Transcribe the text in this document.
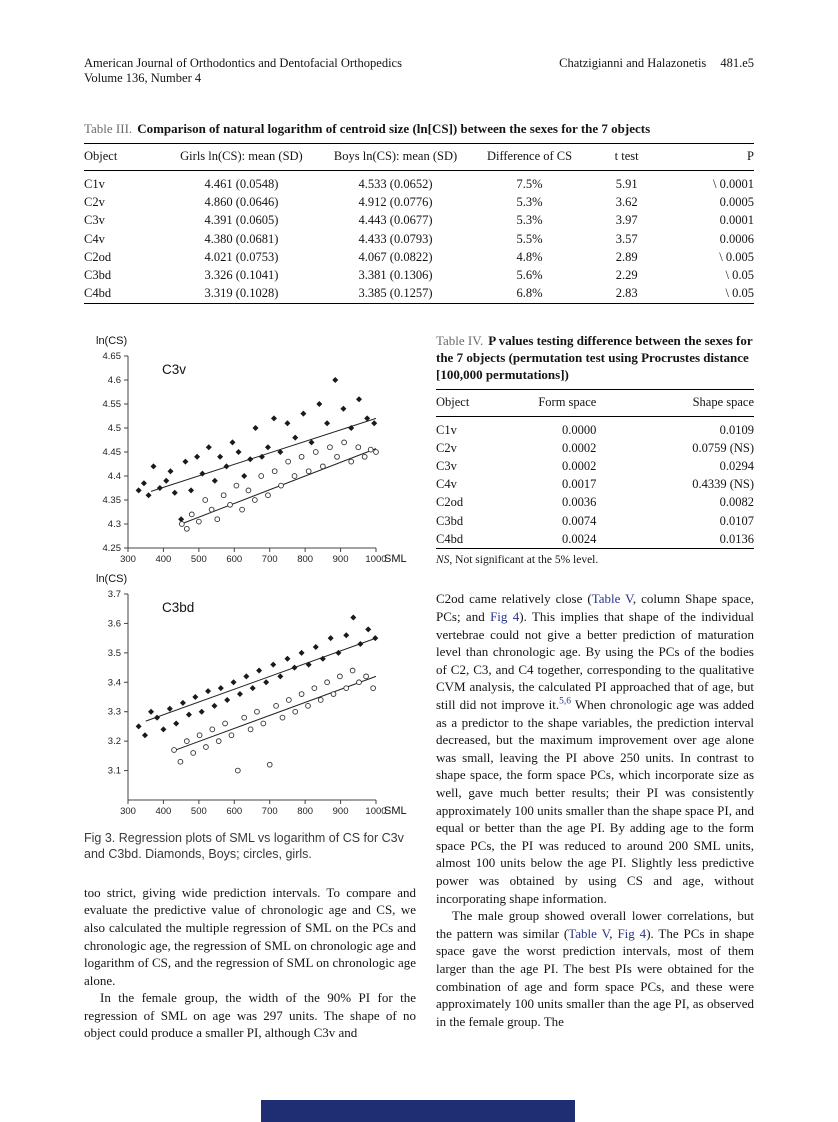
American Journal of Orthodontics and Dentofacial Orthopedics
Volume 136, Number 4
Chatzigianni and Halazonetis 481.e5
Table III. Comparison of natural logarithm of centroid size (ln[CS]) between the sexes for the 7 objects
Object	Girls ln(CS): mean (SD)	Boys ln(CS): mean (SD)	Difference of CS	t test	P
C1v	4.461 (0.0548)	4.533 (0.0652)	7.5%	5.91	\ 0.0001
C2v	4.860 (0.0646)	4.912 (0.0776)	5.3%	3.62	0.0005
C3v	4.391 (0.0605)	4.443 (0.0677)	5.3%	3.97	0.0001
C4v	4.380 (0.0681)	4.433 (0.0793)	5.5%	3.57	0.0006
C2od	4.021 (0.0753)	4.067 (0.0822)	4.8%	2.89	\ 0.005
C3bd	3.326 (0.1041)	3.381 (0.1306)	5.6%	2.29	\ 0.05
C4bd	3.319 (0.1028)	3.385 (0.1257)	6.8%	2.83	\ 0.05
4.25
4.3
4.35
4.4
4.45
4.5
4.55
4.6
4.65
300 400 500 600 700 800 900 1000
ln(CS)
SML
C3v
3.1
3.2
3.3
3.4
3.5
3.6
3.7
300 400 500 600 700 800 900 1000
ln(CS)
SML
C3bd
Fig 3. Regression plots of SML vs logarithm of CS for C3v and C3bd. Diamonds, Boys; circles, girls.

too strict, giving wide prediction intervals. To compare and evaluate the predictive value of chronologic age and CS, we also calculated the multiple regression of SML on the PCs and chronologic age, the regression of SML on chronologic age and logarithm of CS, and the regression of SML on chronologic age alone.

In the female group, the width of the 90% PI for the regression of SML on age was 297 units. The shape of no object could produce a smaller PI, although C3v and

Table IV. P values testing difference between the sexes for the 7 objects (permutation test using Procrustes distance [100,000 permutations])
Object	Form space	Shape space
C1v	0.0000	0.0109
C2v	0.0002	0.0759 (NS)
C3v	0.0002	0.0294
C4v	0.0017	0.4339 (NS)
C2od	0.0036	0.0082
C3bd	0.0074	0.0107
C4bd	0.0024	0.0136
NS, Not significant at the 5% level.

C2od came relatively close (Table V, column Shape space, PCs; and Fig 4). This implies that shape of the individual vertebrae could not give a better prediction of maturation level than chronologic age. By using the PCs of the bodies of C2, C3, and C4 together, corresponding to the qualitative CVM analysis, the calculated PI approached that of age, but still did not improve it.$^{5,6}$ When chronologic age was added as a predictor to the shape variables, the prediction interval decreased, but the maximum improvement over age alone was small, leaving the PI above 250 units. In contrast to shape space, the form space PCs, which incorporate size as well, gave much better results; their PI was consistently approximately 100 units smaller than the shape space PI, and equal or better than the age PI. By adding age to the form space PCs, the PI was reduced to around 200 SML units, almost 100 units below the age PI. Slightly less predictive power was obtained by using CS and age, without incorporating shape information.

The male group showed overall lower correlations, but the pattern was similar (Table V, Fig 4). The PCs in shape space gave the worst prediction intervals, most of them larger than the age PI. The best PIs were obtained for the combination of age and form space PCs, and these were approximately 100 units smaller than the age PI, as observed in the female group. The
